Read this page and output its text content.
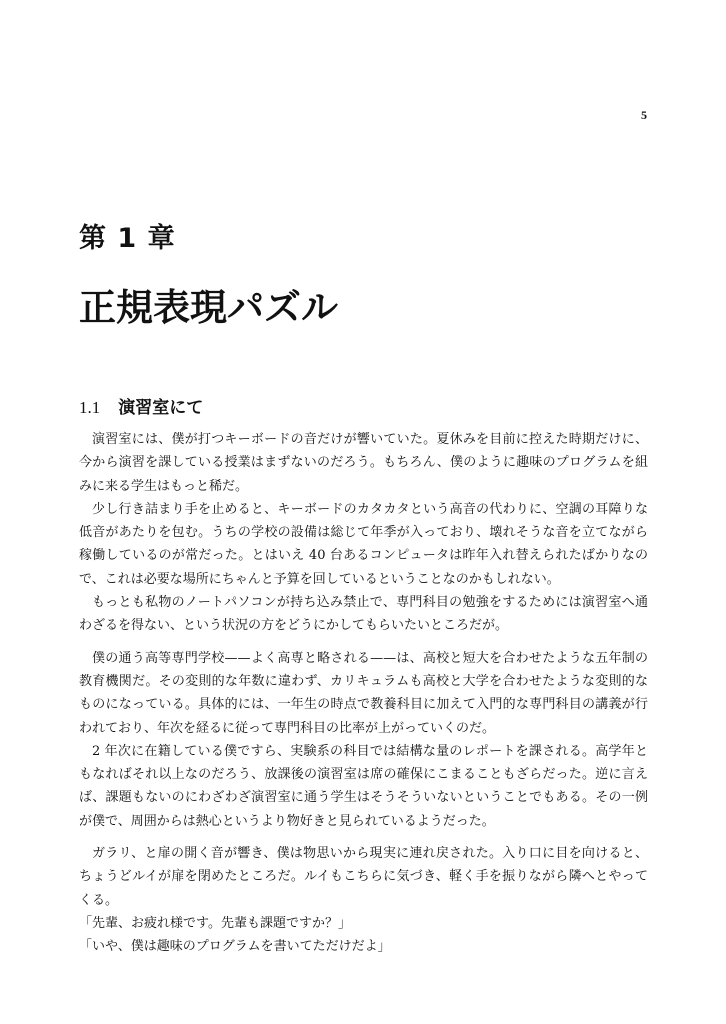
5
第 1 章
正規表現パズル
1.1 演習室にて

演習室には、僕が打つキーボードの音だけが響いていた。夏休みを目前に控えた時期だけに、今から演習を課している授業はまずないのだろう。もちろん、僕のように趣味のプログラムを組みに来る学生はもっと稀だ。

少し行き詰まり手を止めると、キーボードのカタカタという高音の代わりに、空調の耳障りな低音があたりを包む。うちの学校の設備は総じて年季が入っており、壊れそうな音を立てながら稼働しているのが常だった。とはいえ 40 台あるコンピュータは昨年入れ替えられたばかりなので、これは必要な場所にちゃんと予算を回しているということなのかもしれない。

もっとも私物のノートパソコンが持ち込み禁止で、専門科目の勉強をするためには演習室へ通わざるを得ない、という状況の方をどうにかしてもらいたいところだが。

僕の通う高等専門学校——よく高専と略される——は、高校と短大を合わせたような五年制の教育機関だ。その変則的な年数に違わず、カリキュラムも高校と大学を合わせたような変則的なものになっている。具体的には、一年生の時点で教養科目に加えて入門的な専門科目の講義が行われており、年次を経るに従って専門科目の比率が上がっていくのだ。

2 年次に在籍している僕ですら、実験系の科目では結構な量のレポートを課される。高学年ともなればそれ以上なのだろう、放課後の演習室は席の確保にこまることもざらだった。逆に言えば、課題もないのにわざわざ演習室に通う学生はそうそういないということでもある。その一例が僕で、周囲からは熱心というより物好きと見られているようだった。

ガラリ、と扉の開く音が響き、僕は物思いから現実に連れ戻された。入り口に目を向けると、ちょうどルイが扉を閉めたところだ。ルイもこちらに気づき、軽く手を振りながら隣へとやってくる。

「先輩、お疲れ様です。先輩も課題ですか？」

「いや、僕は趣味のプログラムを書いてただけだよ」
